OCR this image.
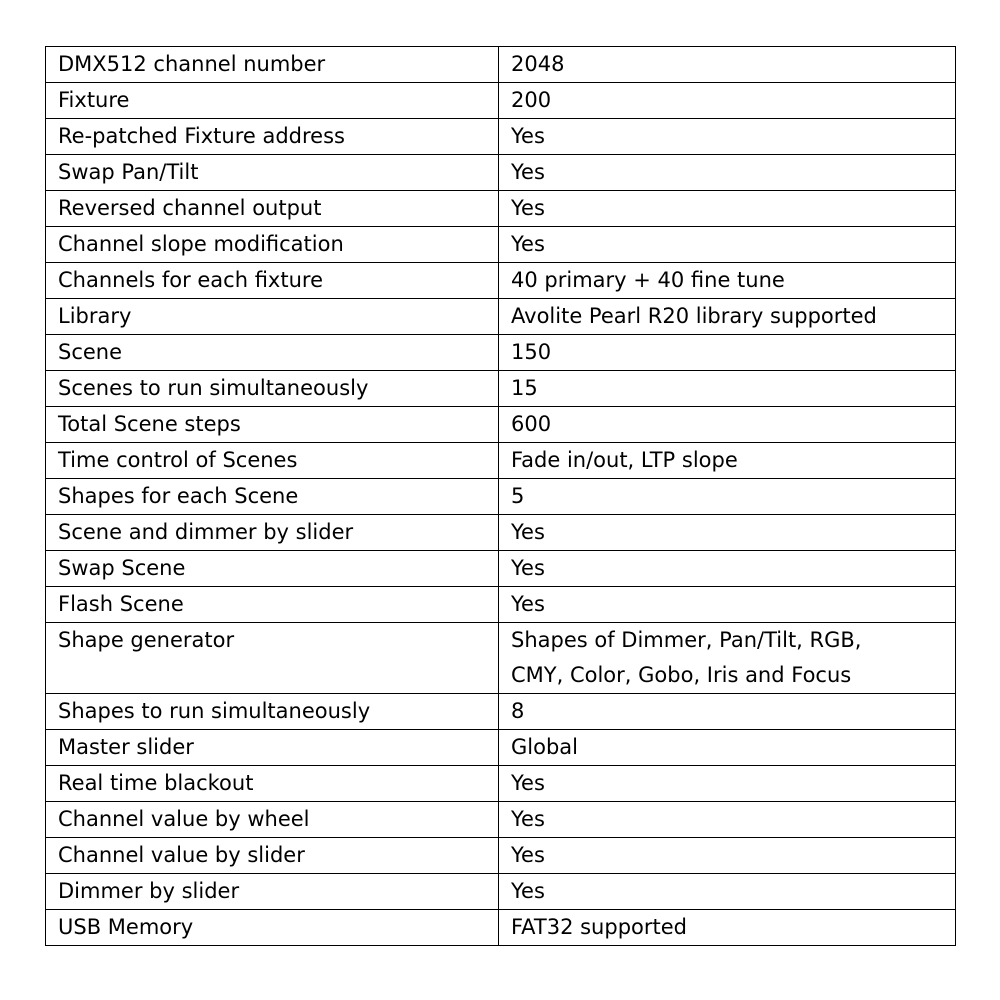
DMX512 channel number	2048

Fixture	200

Re-patched Fixture address	Yes

Swap Pan/Tilt	Yes

Reversed channel output	Yes

Channel slope modification	Yes

Channels for each fixture	40 primary + 40 fine tune

Library	Avolite Pearl R20 library supported

Scene	150

Scenes to run simultaneously	15

Total Scene steps	600

Time control of Scenes	Fade in/out, LTP slope

Shapes for each Scene	5

Scene and dimmer by slider	Yes

Swap Scene	Yes

Flash Scene	Yes

Shape generator	Shapes of Dimmer, Pan/Tilt, RGB,
CMY, Color, Gobo, Iris and Focus

Shapes to run simultaneously	8

Master slider	Global

Real time blackout	Yes

Channel value by wheel	Yes

Channel value by slider	Yes

Dimmer by slider	Yes

USB Memory	FAT32 supported
